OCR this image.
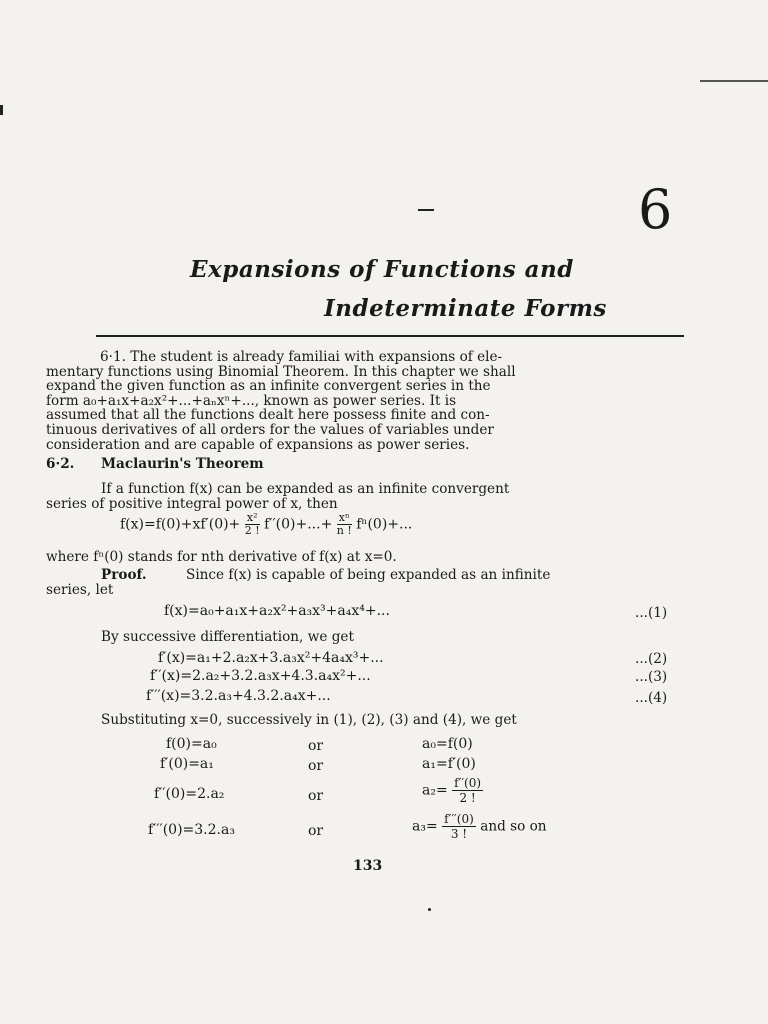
6
Expansions of Functions and
Indeterminate Forms
6·1. The student is already familiai with expansions of ele-
mentary functions using Binomial Theorem. In this chapter we shall
expand the given function as an infinite convergent series in the
form a₀+a₁x+a₂x²+...+aₙxⁿ+..., known as power series. It is
assumed that all the functions dealt here possess finite and con-
tinuous derivatives of all orders for the values of variables under
consideration and are capable of expansions as power series.
6·2. Maclaurin's Theorem
If a function f(x) can be expanded as an infinite convergent
series of positive integral power of x, then
$f(x)=f(0)+xf'(0)+ \frac{\text{x²}}{2 !} f''(0)+...+ \frac{\text{xⁿ}}{n !} f^n(0)+$...
where fⁿ(0) stands for nth derivative of f(x) at x=0.
Proof.	Since f(x) is capable of being expanded as an infinite
series, let
f(x)=a₀+a₁x+a₂x²+a₃x³+a₄x⁴+...	...(1)
By successive differentiation, we get
f′(x)=a₁+2.a₂x+3.a₃x²+4a₄x³+...	...(2)
f′′(x)=2.a₂+3.2.a₃x+4.3.a₄x²+...	...(3)
f′′′(x)=3.2.a₃+4.3.2.a₄x+...	...(4)
Substituting x=0, successively in (1), (2), (3) and (4), we get
f(0)=a₀	or	a₀=f(0)
f′(0)=a₁	or	a₁=f′(0)
f′′(0)=2.a₂	or	$a_2= \frac{f''(0)}{2 !}$
f′′′(0)=3.2.a₃	or	$a_3= \frac{f'''(0)}{3 !}$ and so on
133
